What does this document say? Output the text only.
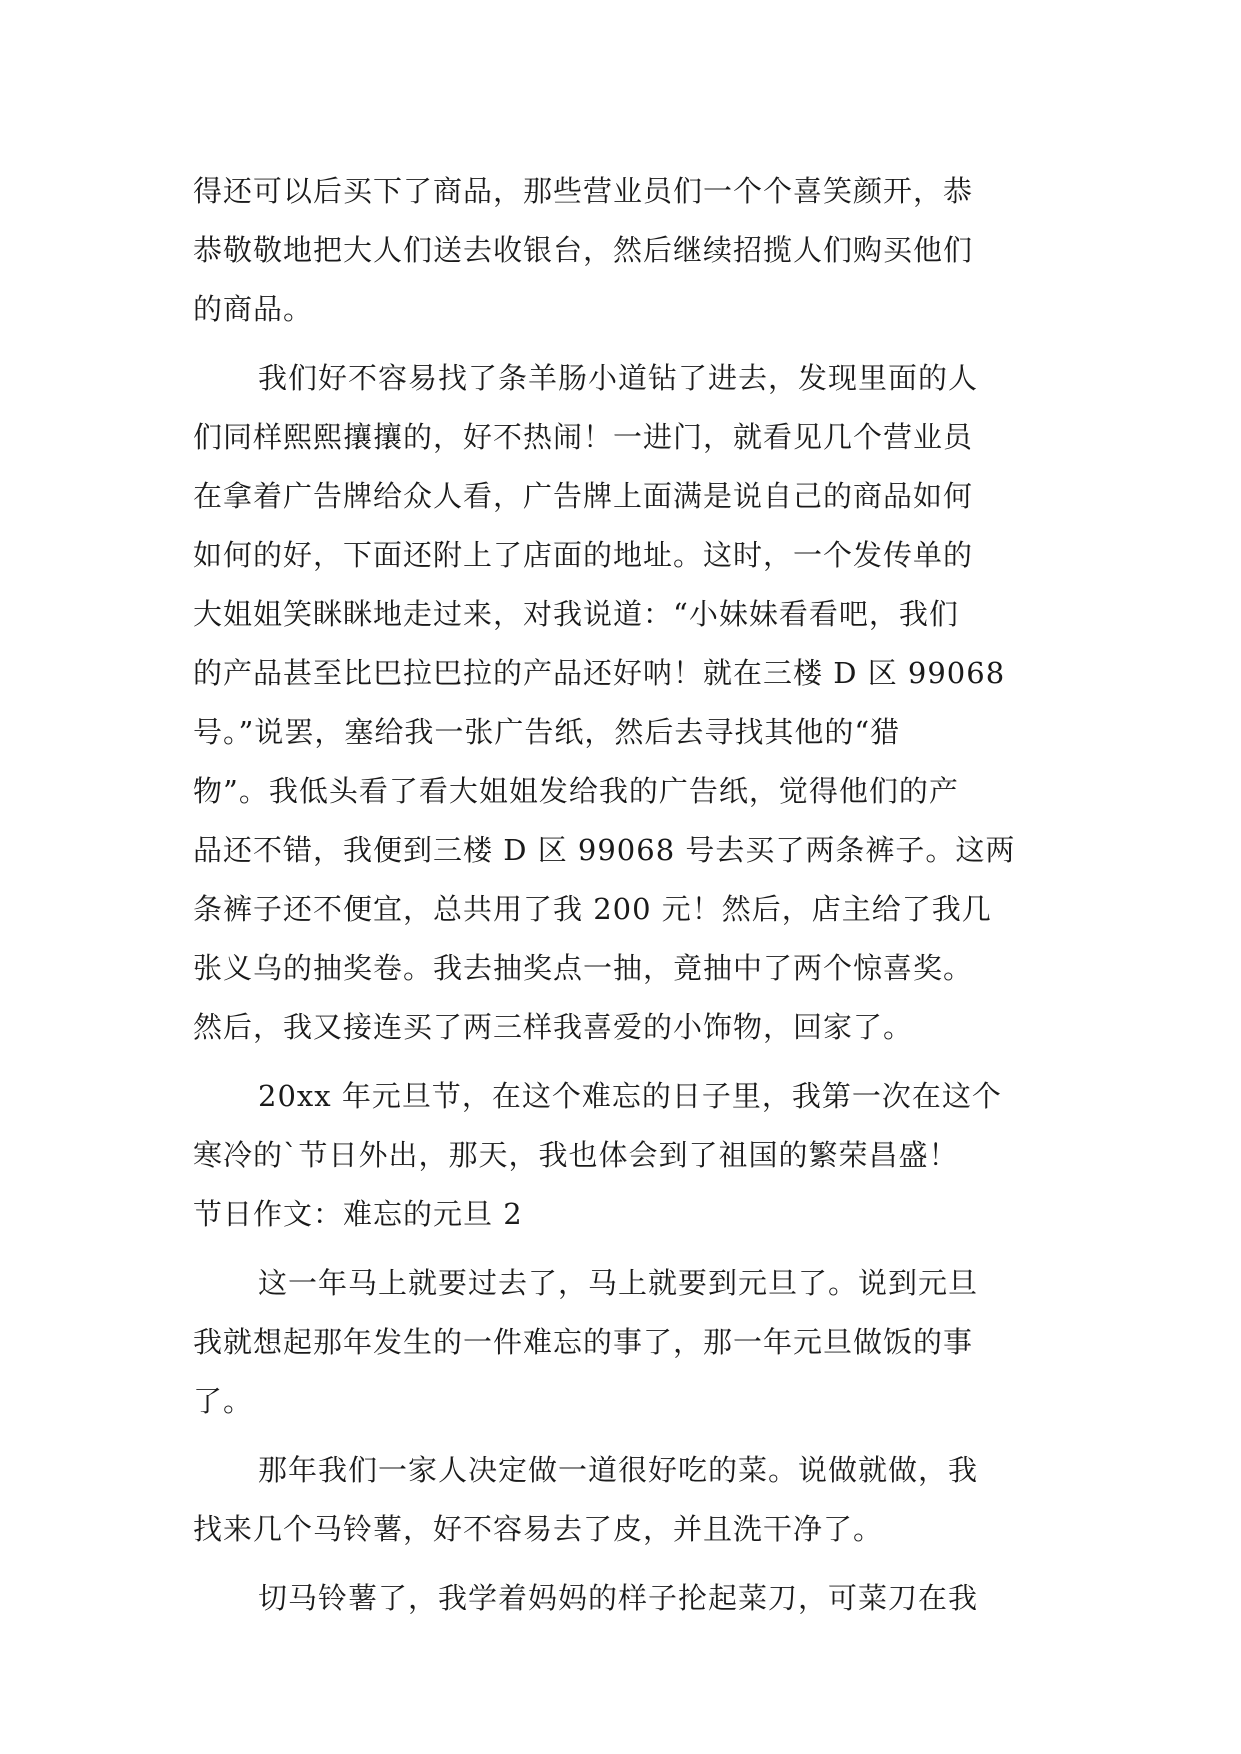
得还可以后买下了商品，那些营业员们一个个喜笑颜开，恭

恭敬敬地把大人们送去收银台，然后继续招揽人们购买他们

的商品。

我们好不容易找了条羊肠小道钻了进去，发现里面的人

们同样熙熙攘攘的，好不热闹！一进门，就看见几个营业员

在拿着广告牌给众人看，广告牌上面满是说自己的商品如何

如何的好，下面还附上了店面的地址。这时，一个发传单的

大姐姐笑眯眯地走过来，对我说道：“小妹妹看看吧，我们

的产品甚至比巴拉巴拉的产品还好呐！就在三楼 D 区 99068

号。”说罢，塞给我一张广告纸，然后去寻找其他的“猎

物”。我低头看了看大姐姐发给我的广告纸，觉得他们的产

品还不错，我便到三楼 D 区 99068 号去买了两条裤子。这两

条裤子还不便宜，总共用了我 200 元！然后，店主给了我几

张义乌的抽奖卷。我去抽奖点一抽，竟抽中了两个惊喜奖。

然后，我又接连买了两三样我喜爱的小饰物，回家了。

20xx 年元旦节，在这个难忘的日子里，我第一次在这个

寒冷的`节日外出，那天，我也体会到了祖国的繁荣昌盛！

节日作文：难忘的元旦 2

这一年马上就要过去了，马上就要到元旦了。说到元旦

我就想起那年发生的一件难忘的事了，那一年元旦做饭的事

了。

那年我们一家人决定做一道很好吃的菜。说做就做，我

找来几个马铃薯，好不容易去了皮，并且洗干净了。

切马铃薯了，我学着妈妈的样子抡起菜刀，可菜刀在我
